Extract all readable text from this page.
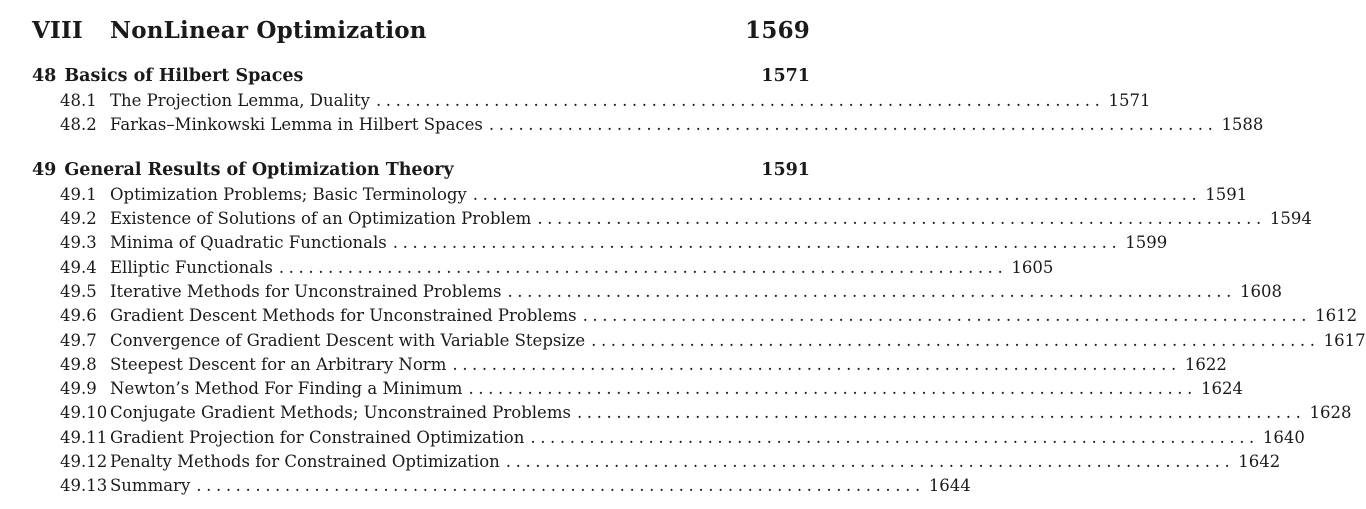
VIII	NonLinear Optimization	1569
48 Basics of Hilbert Spaces	1571
48.1 The Projection Lemma, Duality .......................................................................... 1571
48.2 Farkas–Minkowski Lemma in Hilbert Spaces .......................................................................... 1588
49 General Results of Optimization Theory	1591
49.1 Optimization Problems; Basic Terminology .......................................................................... 1591
49.2 Existence of Solutions of an Optimization Problem .......................................................................... 1594
49.3 Minima of Quadratic Functionals .......................................................................... 1599
49.4 Elliptic Functionals .......................................................................... 1605
49.5 Iterative Methods for Unconstrained Problems .......................................................................... 1608
49.6 Gradient Descent Methods for Unconstrained Problems .......................................................................... 1612
49.7 Convergence of Gradient Descent with Variable Stepsize .......................................................................... 1617
49.8 Steepest Descent for an Arbitrary Norm .......................................................................... 1622
49.9 Newton’s Method For Finding a Minimum .......................................................................... 1624
49.10 Conjugate Gradient Methods; Unconstrained Problems .......................................................................... 1628
49.11 Gradient Projection for Constrained Optimization .......................................................................... 1640
49.12 Penalty Methods for Constrained Optimization .......................................................................... 1642
49.13 Summary .......................................................................... 1644
